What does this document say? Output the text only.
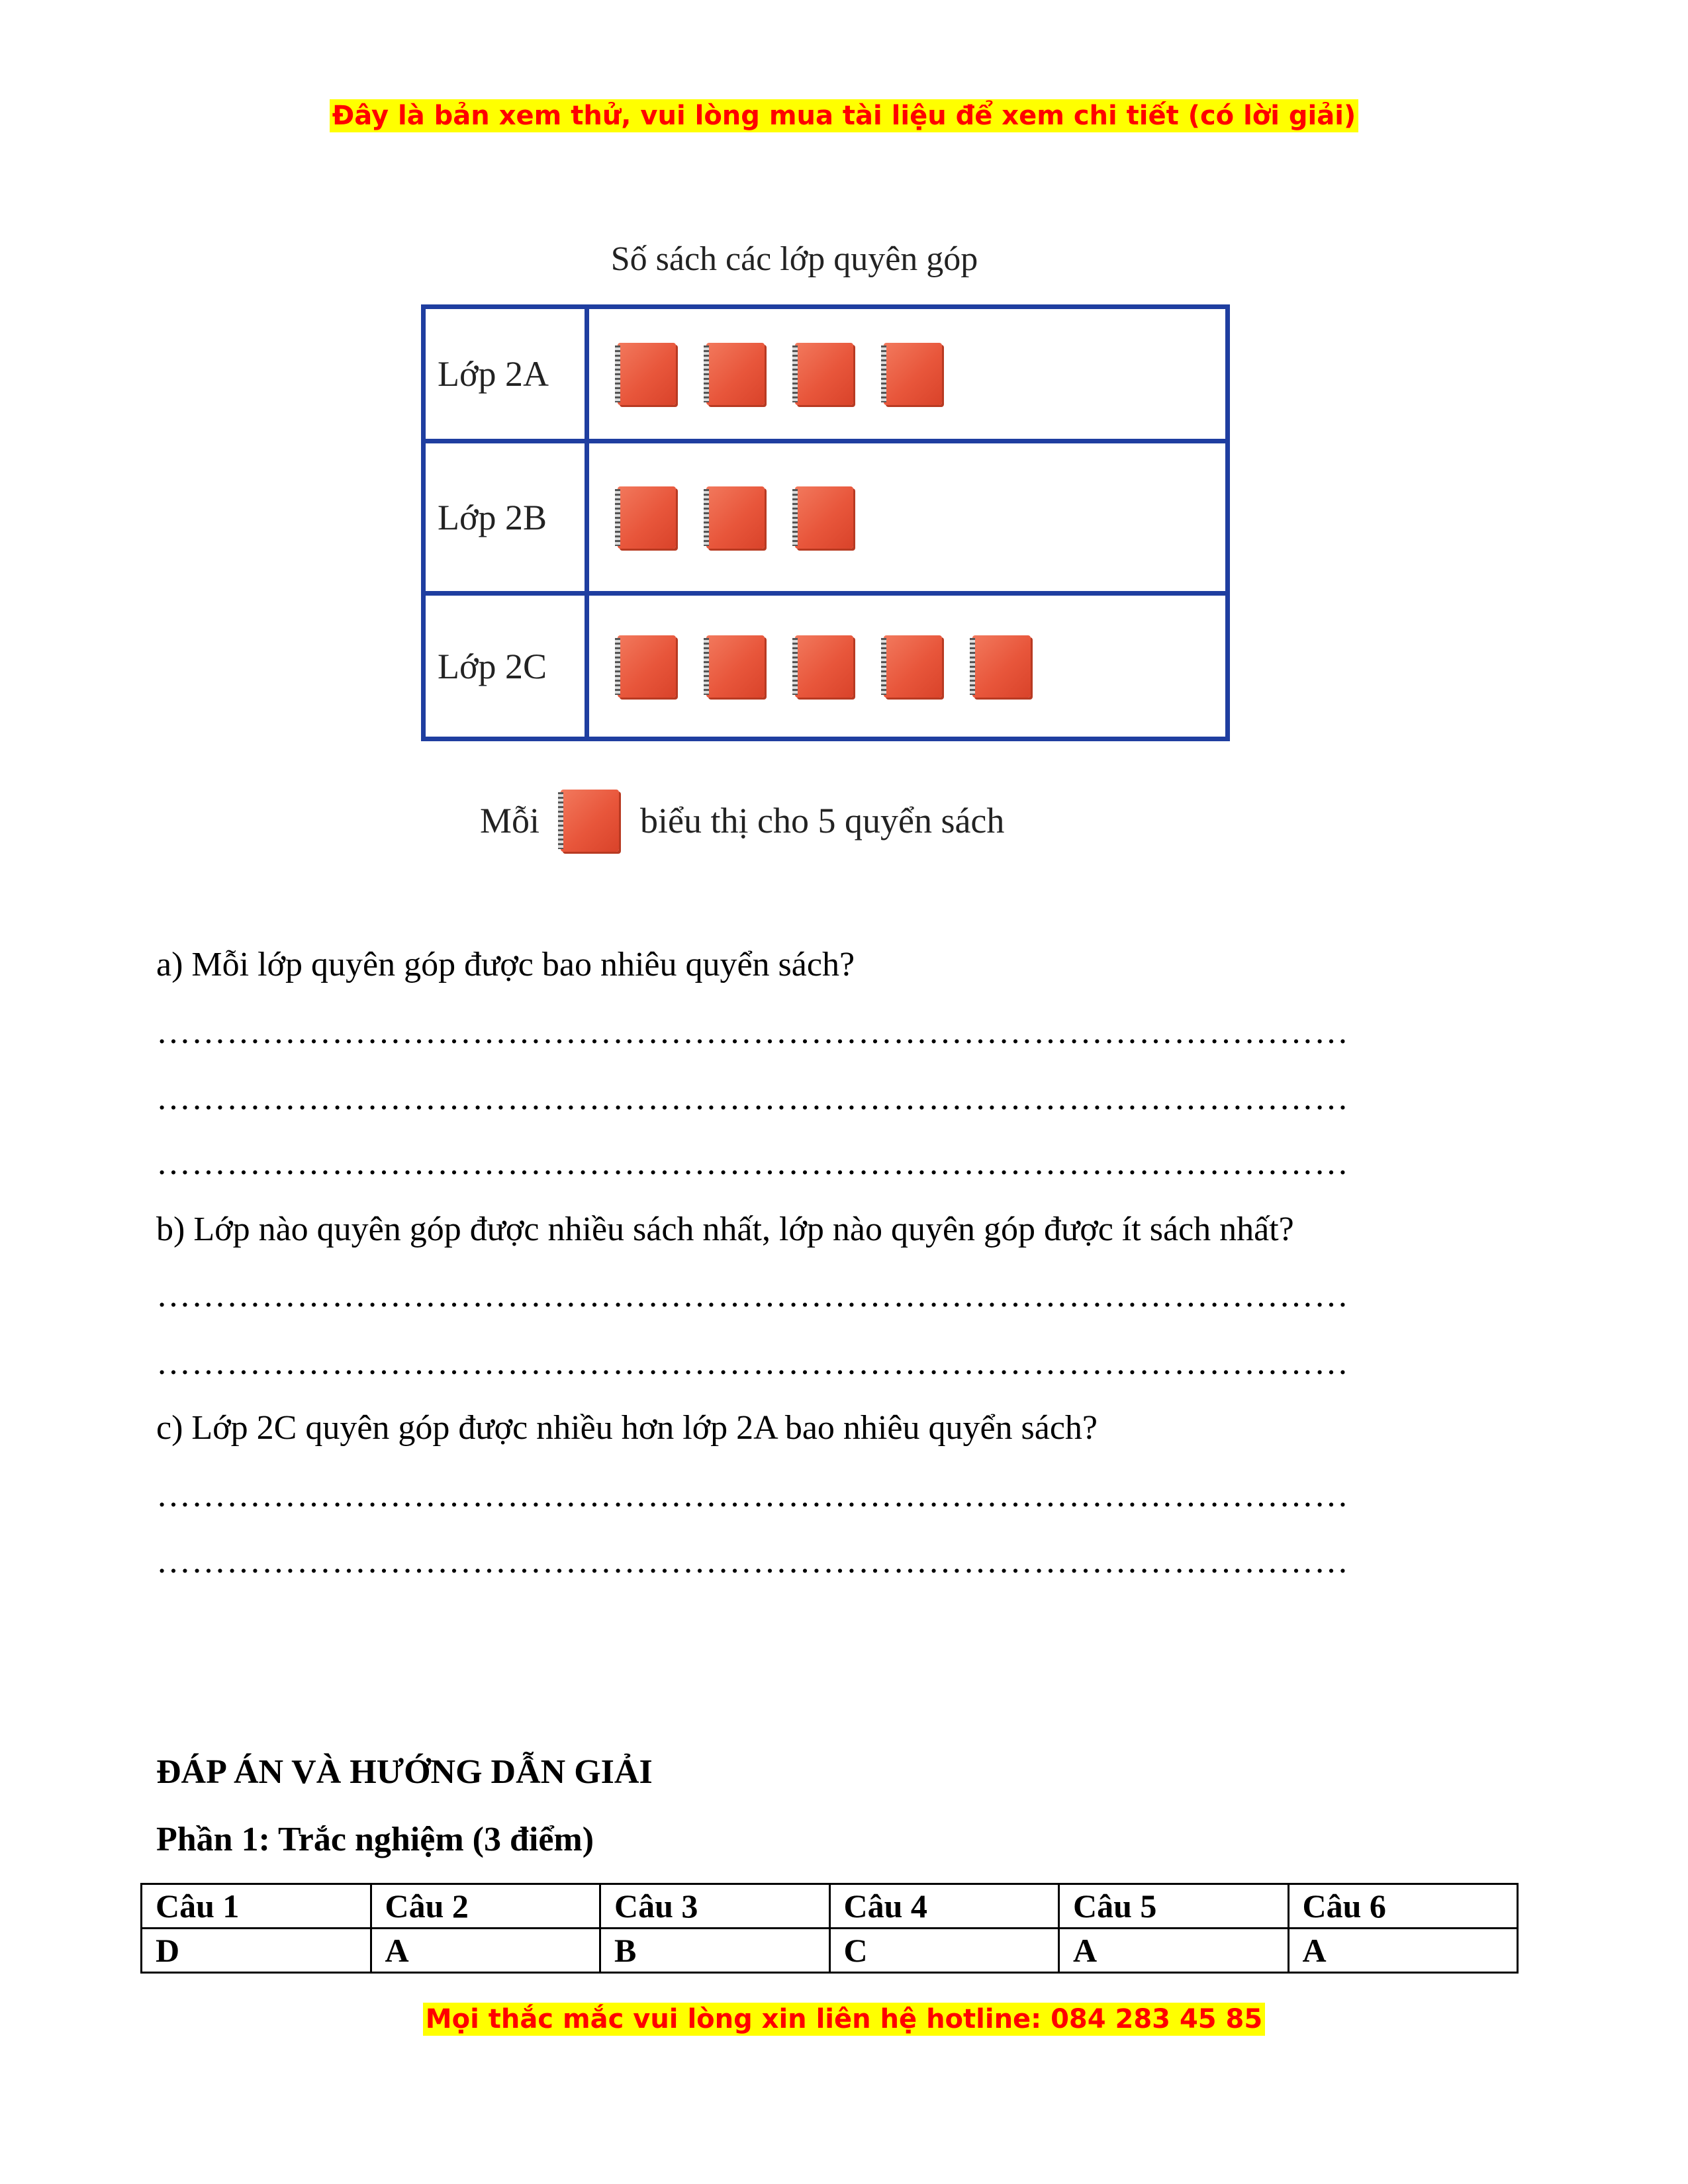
Đây là bản xem thử, vui lòng mua tài liệu để xem chi tiết (có lời giải)
Số sách các lớp quyên góp
Lớp 2A
Lớp 2B
Lớp 2C
Mỗi	biểu thị cho 5 quyển sách
a) Mỗi lớp quyên góp được bao nhiêu quyển sách?
…………………………………………………………………………………………
…………………………………………………………………………………………
…………………………………………………………………………………………
b) Lớp nào quyên góp được nhiều sách nhất, lớp nào quyên góp được ít sách nhất?
…………………………………………………………………………………………
…………………………………………………………………………………………
c) Lớp 2C quyên góp được nhiều hơn lớp 2A bao nhiêu quyển sách?
…………………………………………………………………………………………
…………………………………………………………………………………………
ĐÁP ÁN VÀ HƯỚNG DẪN GIẢI
Phần 1: Trắc nghiệm (3 điểm)
Câu 1	Câu 2	Câu 3	Câu 4	Câu 5	Câu 6
D	A	B	C	A	A
Mọi thắc mắc vui lòng xin liên hệ hotline: 084 283 45 85
